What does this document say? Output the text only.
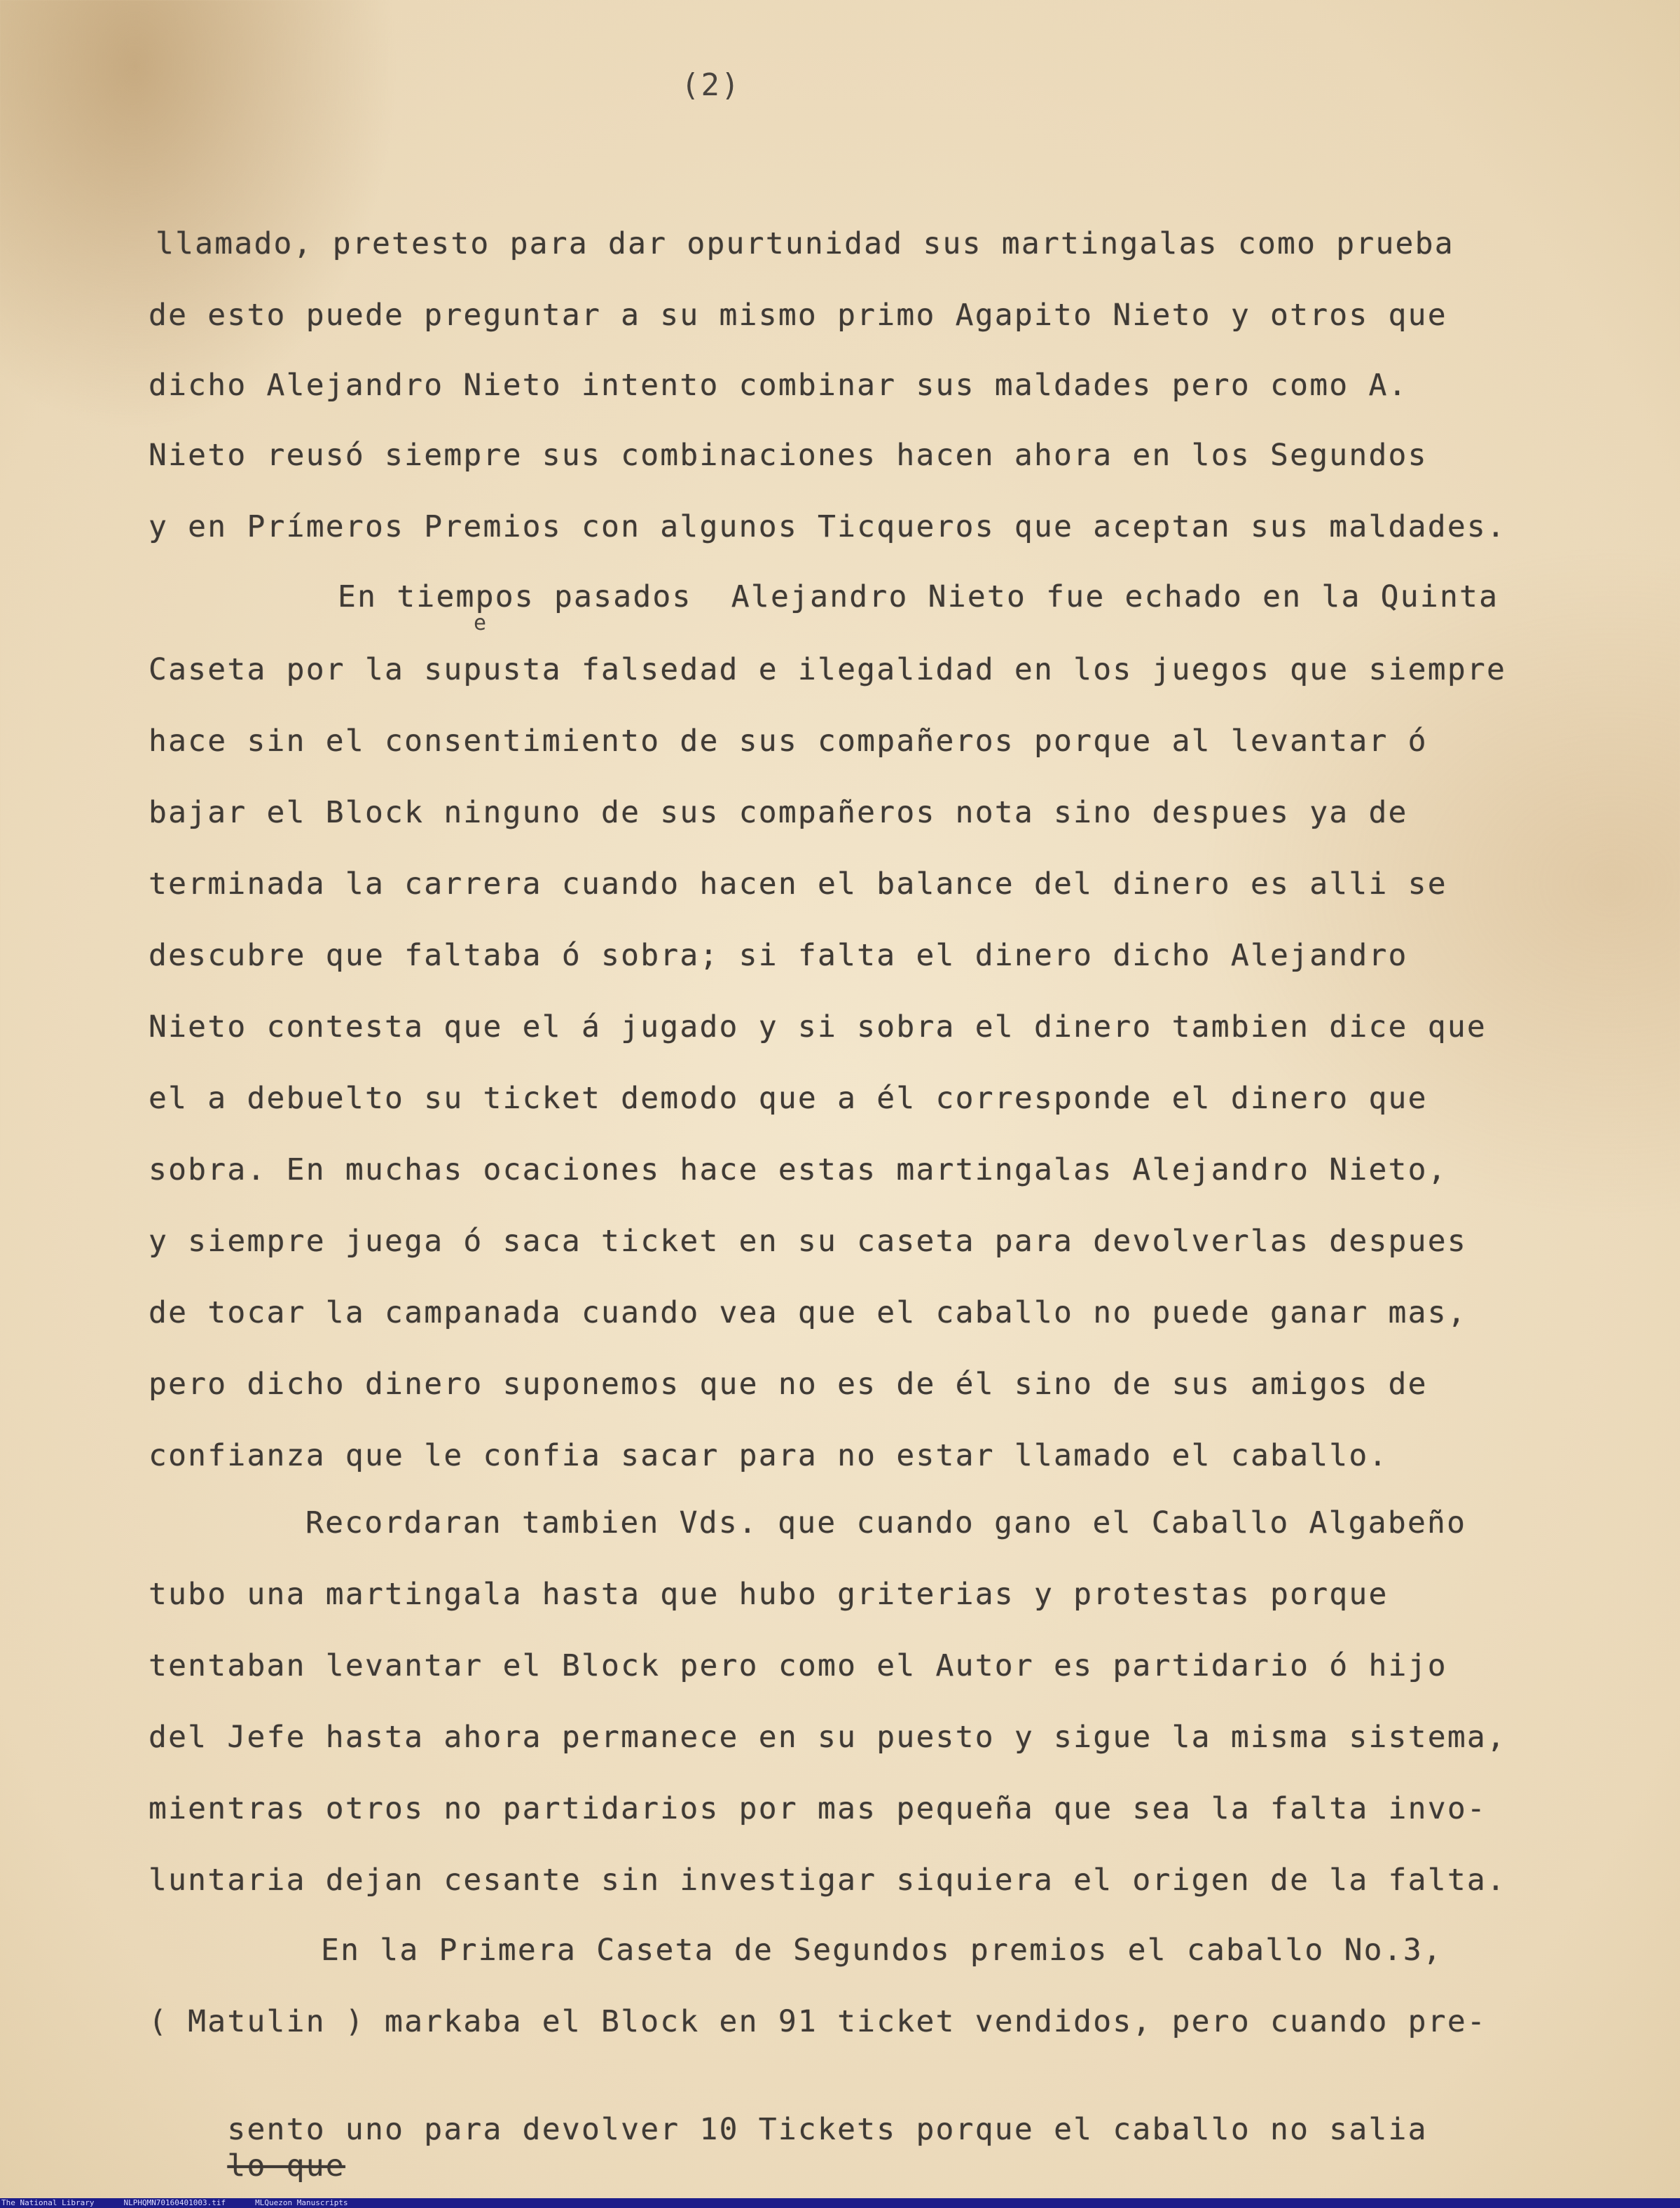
(2)
e
llamado, pretesto para dar opurtunidad sus martingalas como prueba
de esto puede preguntar a su mismo primo Agapito Nieto y otros que
dicho Alejandro Nieto intento combinar sus maldades pero como A.
Nieto reusó siempre sus combinaciones hacen ahora en los Segundos
y en Prímeros Premios con algunos Ticqueros que aceptan sus maldades.
En tiempos pasados  Alejandro Nieto fue echado en la Quinta
Caseta por la supusta falsedad e ilegalidad en los juegos que siempre
hace sin el consentimiento de sus compañeros porque al levantar ó
bajar el Block ninguno de sus compañeros nota sino despues ya de
terminada la carrera cuando hacen el balance del dinero es alli se
descubre que faltaba ó sobra; si falta el dinero dicho Alejandro
Nieto contesta que el á jugado y si sobra el dinero tambien dice que
el a debuelto su ticket demodo que a él corresponde el dinero que
sobra. En muchas ocaciones hace estas martingalas Alejandro Nieto,
y siempre juega ó saca ticket en su caseta para devolverlas despues
de tocar la campanada cuando vea que el caballo no puede ganar mas,
pero dicho dinero suponemos que no es de él sino de sus amigos de
confianza que le confia sacar para no estar llamado el caballo.
Recordaran tambien Vds. que cuando gano el Caballo Algabeño
tubo una martingala hasta que hubo griterias y protestas porque
tentaban levantar el Block pero como el Autor es partidario ó hijo
del Jefe hasta ahora permanece en su puesto y sigue la misma sistema,
mientras otros no partidarios por mas pequeña que sea la falta invo-
luntaria dejan cesante sin investigar siquiera el origen de la falta.
En la Primera Caseta de Segundos premios el caballo No.3,
( Matulin ) markaba el Block en 91 ticket vendidos, pero cuando pre-

sento uno para devolver 10 Tickets porque el caballo no salia
lo que

The National Library	NLPHQMN70160401003.tif	MLQuezon Manuscripts
